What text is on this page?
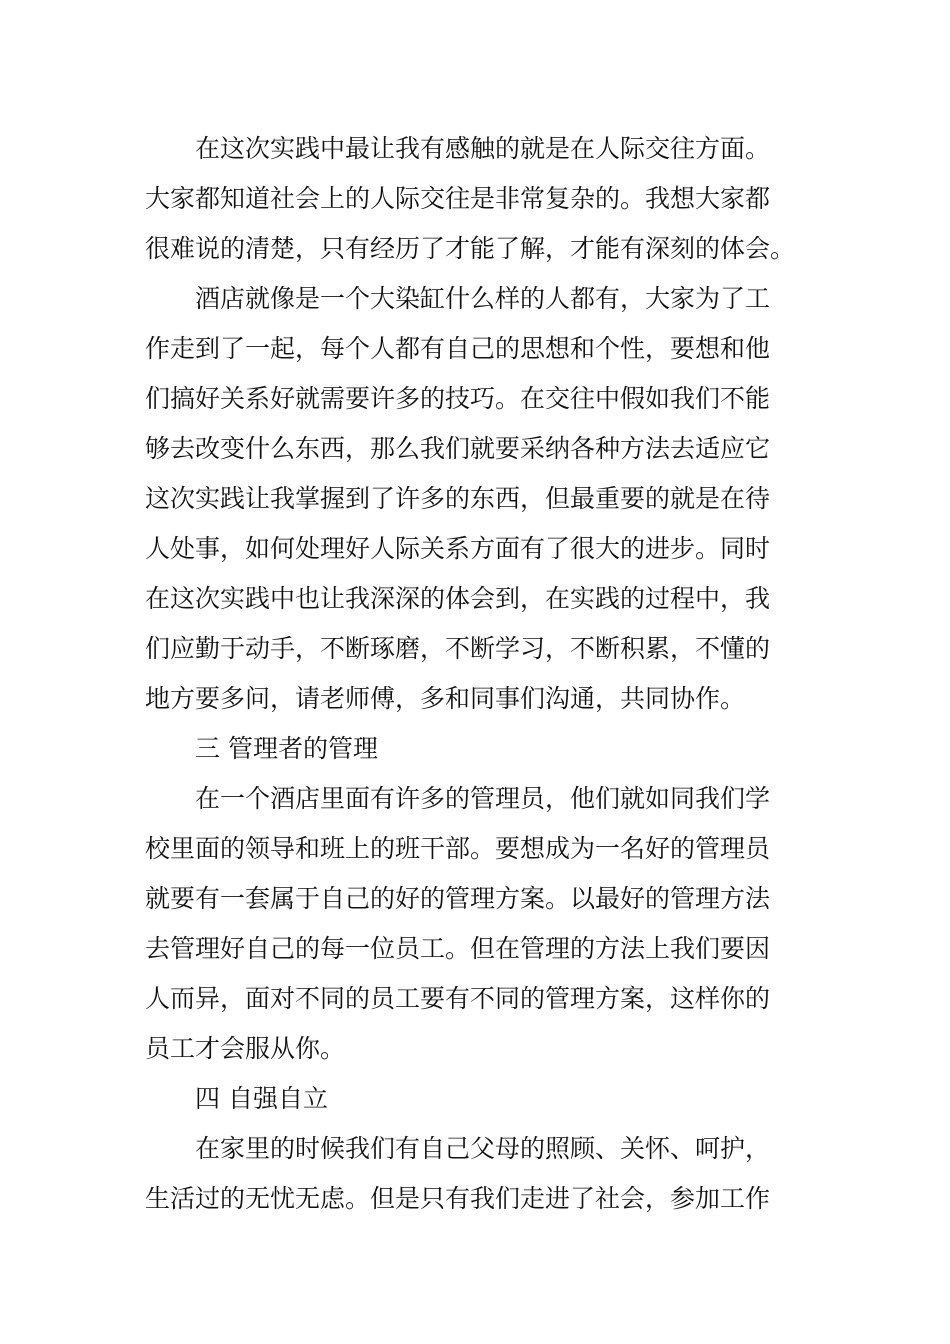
在这次实践中最让我有感触的就是在人际交往方面。
大家都知道社会上的人际交往是非常复杂的。我想大家都
很难说的清楚，只有经历了才能了解，才能有深刻的体会。
酒店就像是一个大染缸什么样的人都有，大家为了工
作走到了一起，每个人都有自己的思想和个性，要想和他
们搞好关系好就需要许多的技巧。在交往中假如我们不能
够去改变什么东西，那么我们就要采纳各种方法去适应它
这次实践让我掌握到了许多的东西，但最重要的就是在待
人处事，如何处理好人际关系方面有了很大的进步。同时
在这次实践中也让我深深的体会到，在实践的过程中，我
们应勤于动手，不断琢磨，不断学习，不断积累，不懂的
地方要多问，请老师傅，多和同事们沟通，共同协作。
三 管理者的管理
在一个酒店里面有许多的管理员，他们就如同我们学
校里面的领导和班上的班干部。要想成为一名好的管理员
就要有一套属于自己的好的管理方案。以最好的管理方法
去管理好自己的每一位员工。但在管理的方法上我们要因
人而异，面对不同的员工要有不同的管理方案，这样你的
员工才会服从你。
四 自强自立
在家里的时候我们有自己父母的照顾、关怀、呵护，
生活过的无忧无虑。但是只有我们走进了社会，参加工作
